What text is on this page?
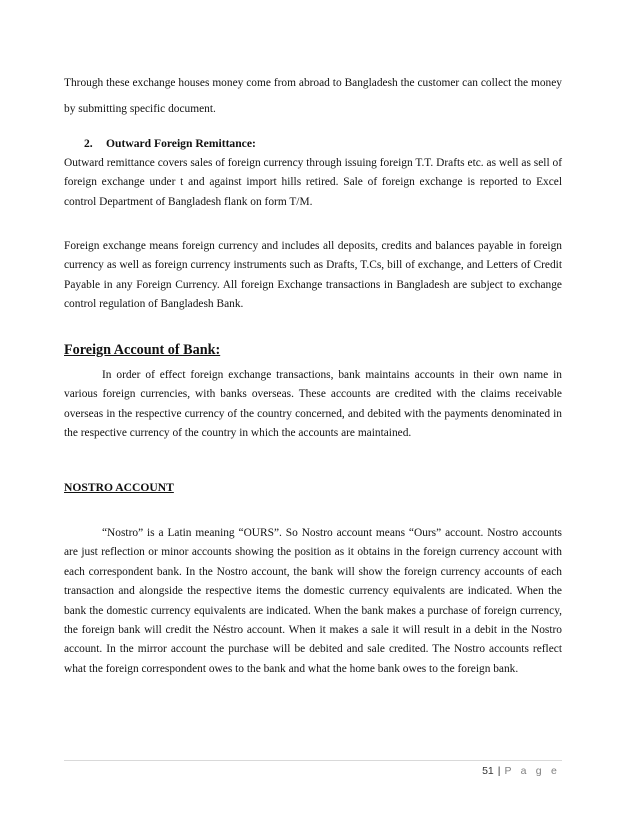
Through these exchange houses money come from abroad to Bangladesh the customer can collect the money by submitting specific document.

2. Outward Foreign Remittance:

Outward remittance covers sales of foreign currency through issuing foreign T.T. Drafts etc. as well as sell of foreign exchange under t and against import hills retired. Sale of foreign exchange is reported to Excel control Department of Bangladesh flank on form T/M.

Foreign exchange means foreign currency and includes all deposits, credits and balances payable in foreign currency as well as foreign currency instruments such as Drafts, T.Cs, bill of exchange, and Letters of Credit Payable in any Foreign Currency. All foreign Exchange transactions in Bangladesh are subject to exchange control regulation of Bangladesh Bank.

Foreign Account of Bank:

In order of effect foreign exchange transactions, bank maintains accounts in their own name in various foreign currencies, with banks overseas. These accounts are credited with the claims receivable overseas in the respective currency of the country concerned, and debited with the payments denominated in the respective currency of the country in which the accounts are maintained.

NOSTRO ACCOUNT

“Nostro” is a Latin meaning “OURS”. So Nostro account means “Ours” account. Nostro accounts are just reflection or minor accounts showing the position as it obtains in the foreign currency account with each correspondent bank. In the Nostro account, the bank will show the foreign currency accounts of each transaction and alongside the respective items the domestic currency equivalents are indicated. When the bank the domestic currency equivalents are indicated. When the bank makes a purchase of foreign currency, the foreign bank will credit the Néstro account. When it makes a sale it will result in a debit in the Nostro account. In the mirror account the purchase will be debited and sale credited. The Nostro accounts reflect what the foreign correspondent owes to the bank and what the home bank owes to the foreign bank.

51 | P a g e
